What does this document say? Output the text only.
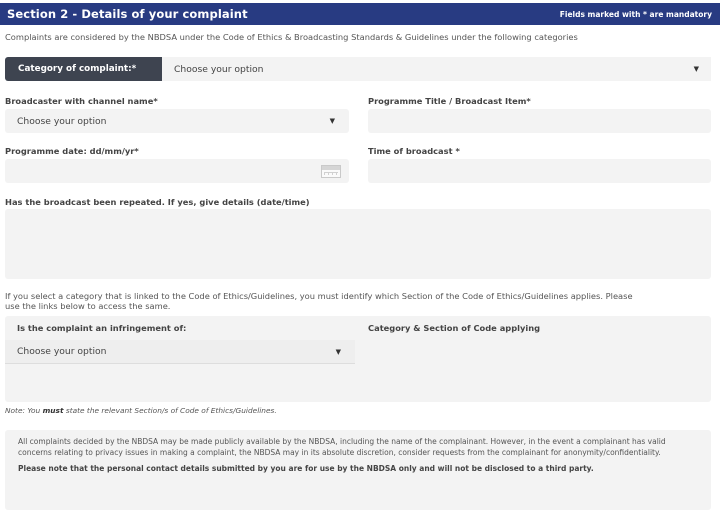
Section 2 - Details of your complaint	Fields marked with * are mandatory
Complaints are considered by the NBDSA under the Code of Ethics & Broadcasting Standards & Guidelines under the following categories
Category of complaint:*	Choose your option	▼
Broadcaster with channel name*
Choose your option	▼
Programme Title / Broadcast Item*
Programme date: dd/mm/yr*	Time of broadcast *
Has the broadcast been repeated. If yes, give details (date/time)
If you select a category that is linked to the Code of Ethics/Guidelines, you must identify which Section of the Code of Ethics/Guidelines applies. Please use the links below to access the same.
Is the complaint an infringement of:	Category & Section of Code applying
Choose your option	▼
Note: You must state the relevant Section/s of Code of Ethics/Guidelines.
All complaints decided by the NBDSA may be made publicly available by the NBDSA, including the name of the complainant. However, in the event a complainant has valid concerns relating to privacy issues in making a complaint, the NBDSA may in its absolute discretion, consider requests from the complainant for anonymity/confidentiality.
Please note that the personal contact details submitted by you are for use by the NBDSA only and will not be disclosed to a third party.
